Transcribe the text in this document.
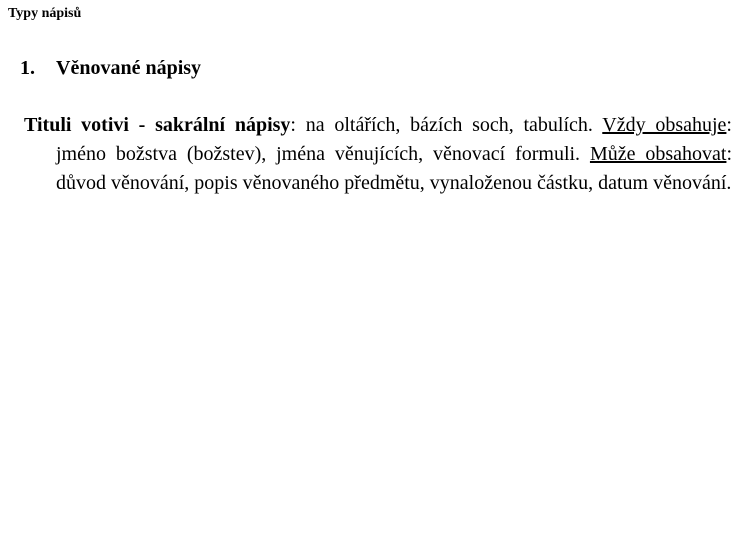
Typy nápisů
1. Věnované nápisy
Tituli votivi - sakrální nápisy: na oltářích, bázích soch, tabulích. Vždy obsahuje: jméno božstva (božstev), jména věnujících, věnovací formuli. Může obsahovat: důvod věnování, popis věnovaného předmětu, vynaloženou částku, datum věnování.
